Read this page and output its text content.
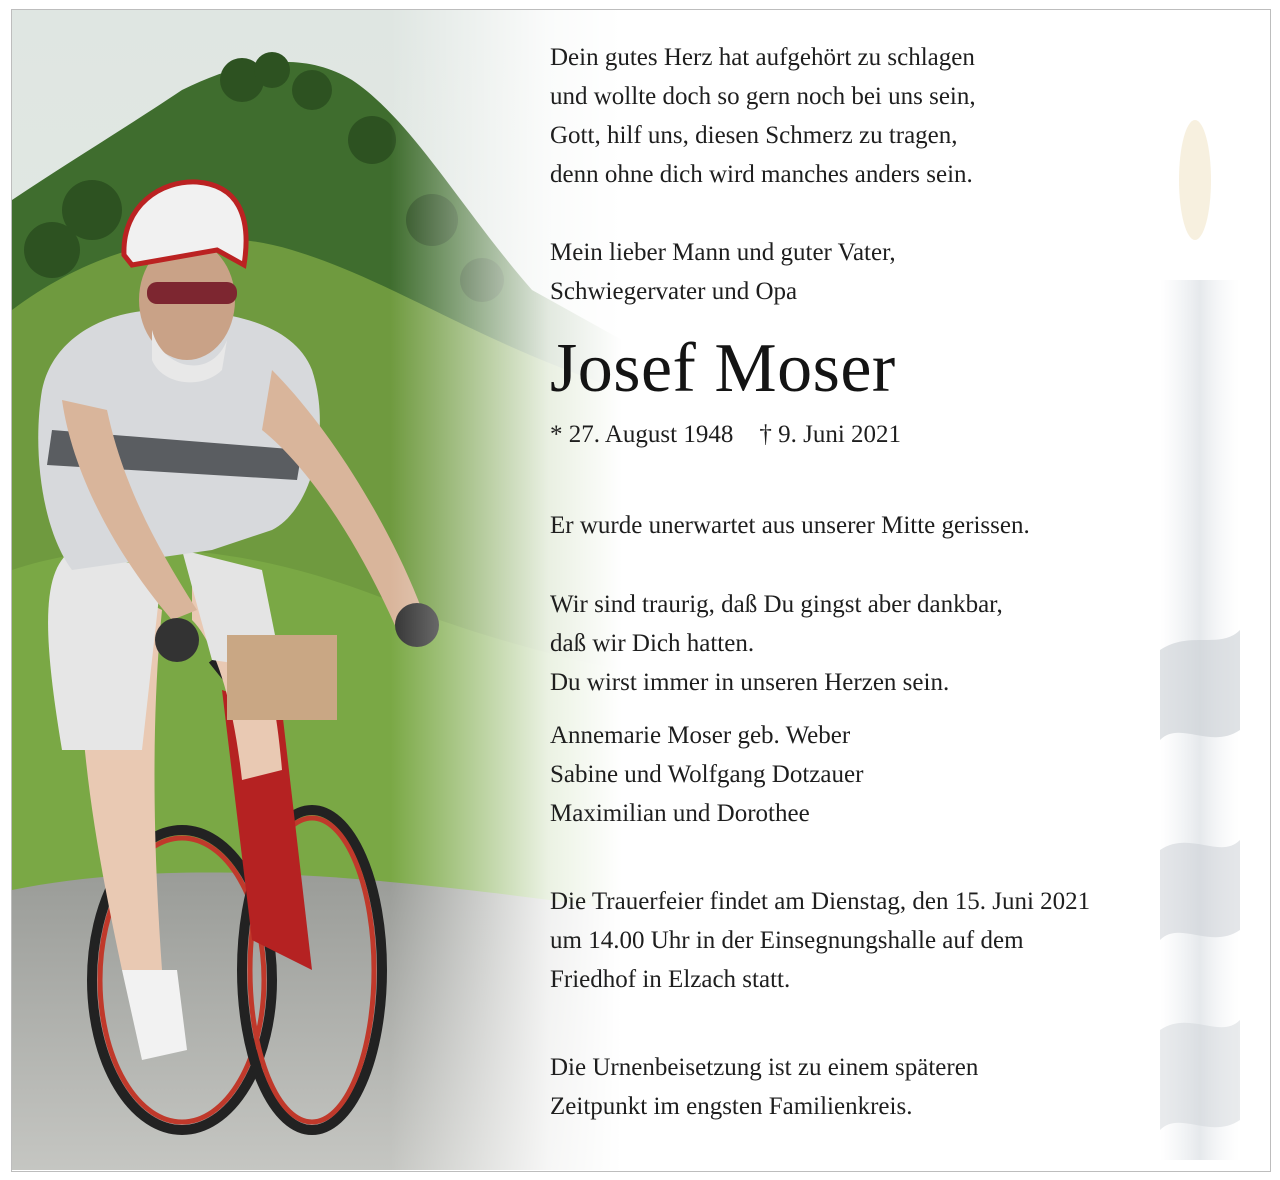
Dein gutes Herz hat aufgehört zu schlagen
und wollte doch so gern noch bei uns sein,
Gott, hilf uns, diesen Schmerz zu tragen,
denn ohne dich wird manches anders sein.
Mein lieber Mann und guter Vater,
Schwiegervater und Opa
Josef Moser
* 27. August 1948 † 9. Juni 2021
Er wurde unerwartet aus unserer Mitte gerissen.
Wir sind traurig, daß Du gingst aber dankbar,
daß wir Dich hatten.
Du wirst immer in unseren Herzen sein.
Annemarie Moser geb. Weber
Sabine und Wolfgang Dotzauer
Maximilian und Dorothee
Die Trauerfeier findet am Dienstag, den 15. Juni 2021
um 14.00 Uhr in der Einsegnungshalle auf dem
Friedhof in Elzach statt.
Die Urnenbeisetzung ist zu einem späteren
Zeitpunkt im engsten Familienkreis.
